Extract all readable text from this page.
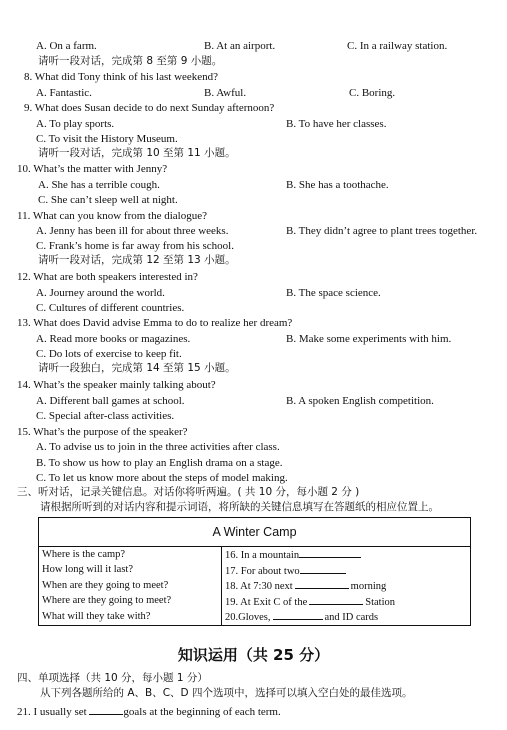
A. On a farm.	B. At an airport.	C. In a railway station.
请听一段对话，完成第 8 至第 9 小题。
8. What did Tony think of his last weekend?
A. Fantastic.	B. Awful.	C. Boring.
9. What does Susan decide to do next Sunday afternoon?
A. To play sports.	B. To have her classes.
C. To visit the History Museum.
请听一段对话，完成第 10 至第 11 小题。
10. What’s the matter with Jenny?
A. She has a terrible cough.	B. She has a toothache.
C. She can’t sleep well at night.
11. What can you know from the dialogue?
A. Jenny has been ill for about three weeks.	B. They didn’t agree to plant trees together.
C. Frank’s home is far away from his school.
请听一段对话，完成第 12 至第 13 小题。
12. What are both speakers interested in?
A. Journey around the world.	B. The space science.
C. Cultures of different countries.
13. What does David advise Emma to do to realize her dream?
A. Read more books or magazines.	B. Make some experiments with him.
C. Do lots of exercise to keep fit.
请听一段独白，完成第 14 至第 15 小题。
14. What’s the speaker mainly talking about?
A. Different ball games at school.	B. A spoken English competition.
C. Special after-class activities.
15. What’s the purpose of the speaker?
A. To advise us to join in the three activities after class.
B. To show us how to play an English drama on a stage.
C. To let us know more about the steps of model making.
三、听对话，记录关键信息。对话你将听两遍。( 共 10 分，每小题 2 分 )
请根据所听到的对话内容和提示词语，将所缺的关键信息填写在答题纸的相应位置上。
A Winter Camp	
Where is the camp?	16. In a mountain
How long will it last?	17. For about two
When are they going to meet?	18. At 7:30 next morning
Where are they going to meet?	19. At Exit C of the Station
What will they take with?	20.Gloves, and ID cards
知识运用（共 25 分）
四、单项选择（共 10 分，每小题 1 分）
从下列各题所给的 A、B、C、D 四个选项中，选择可以填入空白处的最佳选项。
21. I usually set	goals at the beginning of each term.
